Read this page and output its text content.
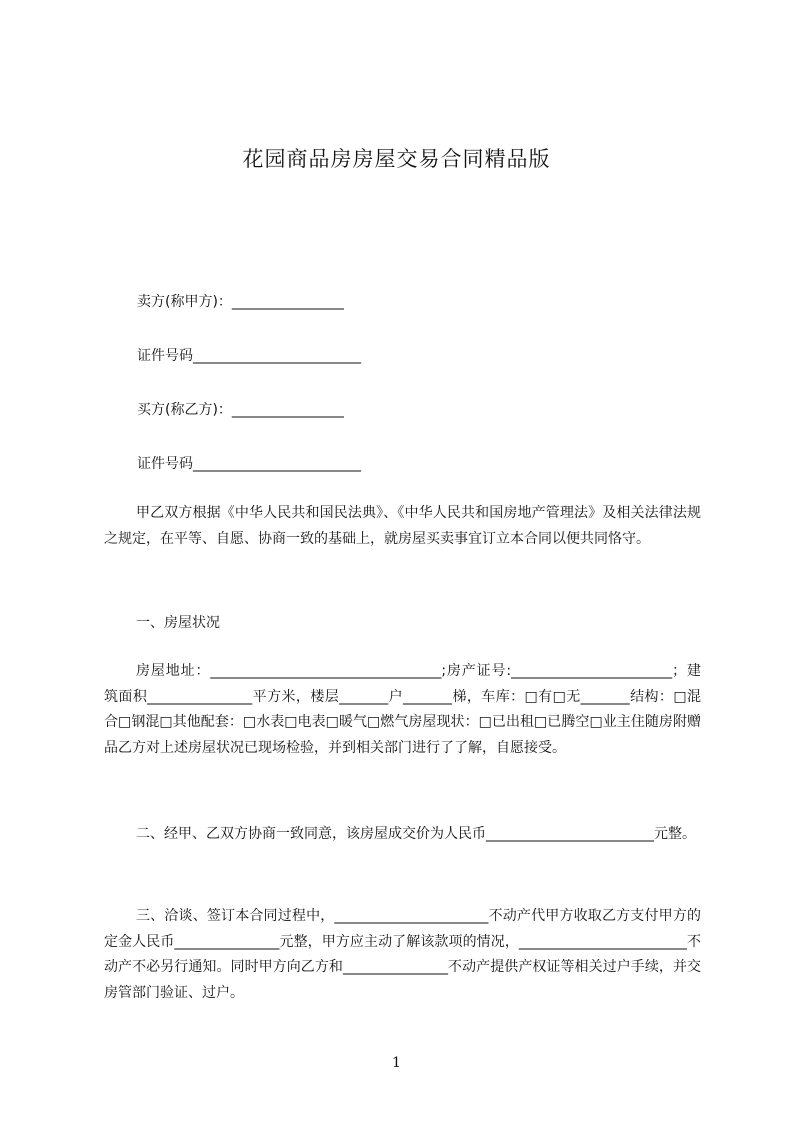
花园商品房房屋交易合同精品版
卖方(称甲方)：________________
证件号码________________________
买方(称乙方)：________________
证件号码________________________

甲乙双方根据《中华人民共和国民法典》、《中华人民共和国房地产管理法》及相关法律法规之规定，在平等、自愿、协商一致的基础上，就房屋买卖事宜订立本合同以便共同恪守。

一、房屋状况

房屋地址：_________________________________;房产证号:_______________________；建筑面积_______________平方米，楼层_______户_______梯，车库：□有□无_______结构：□混合□钢混□其他配套：□水表□电表□暖气□燃气房屋现状：□已出租□已腾空□业主住随房附赠品乙方对上述房屋状况已现场检验，并到相关部门进行了了解，自愿接受。

二、经甲、乙双方协商一致同意，该房屋成交价为人民币________________________元整。

三、洽谈、签订本合同过程中，______________________不动产代甲方收取乙方支付甲方的定金人民币_______________元整，甲方应主动了解该款项的情况，________________________不动产不必另行通知。同时甲方向乙方和_______________不动产提供产权证等相关过户手续，并交房管部门验证、过户。

1
